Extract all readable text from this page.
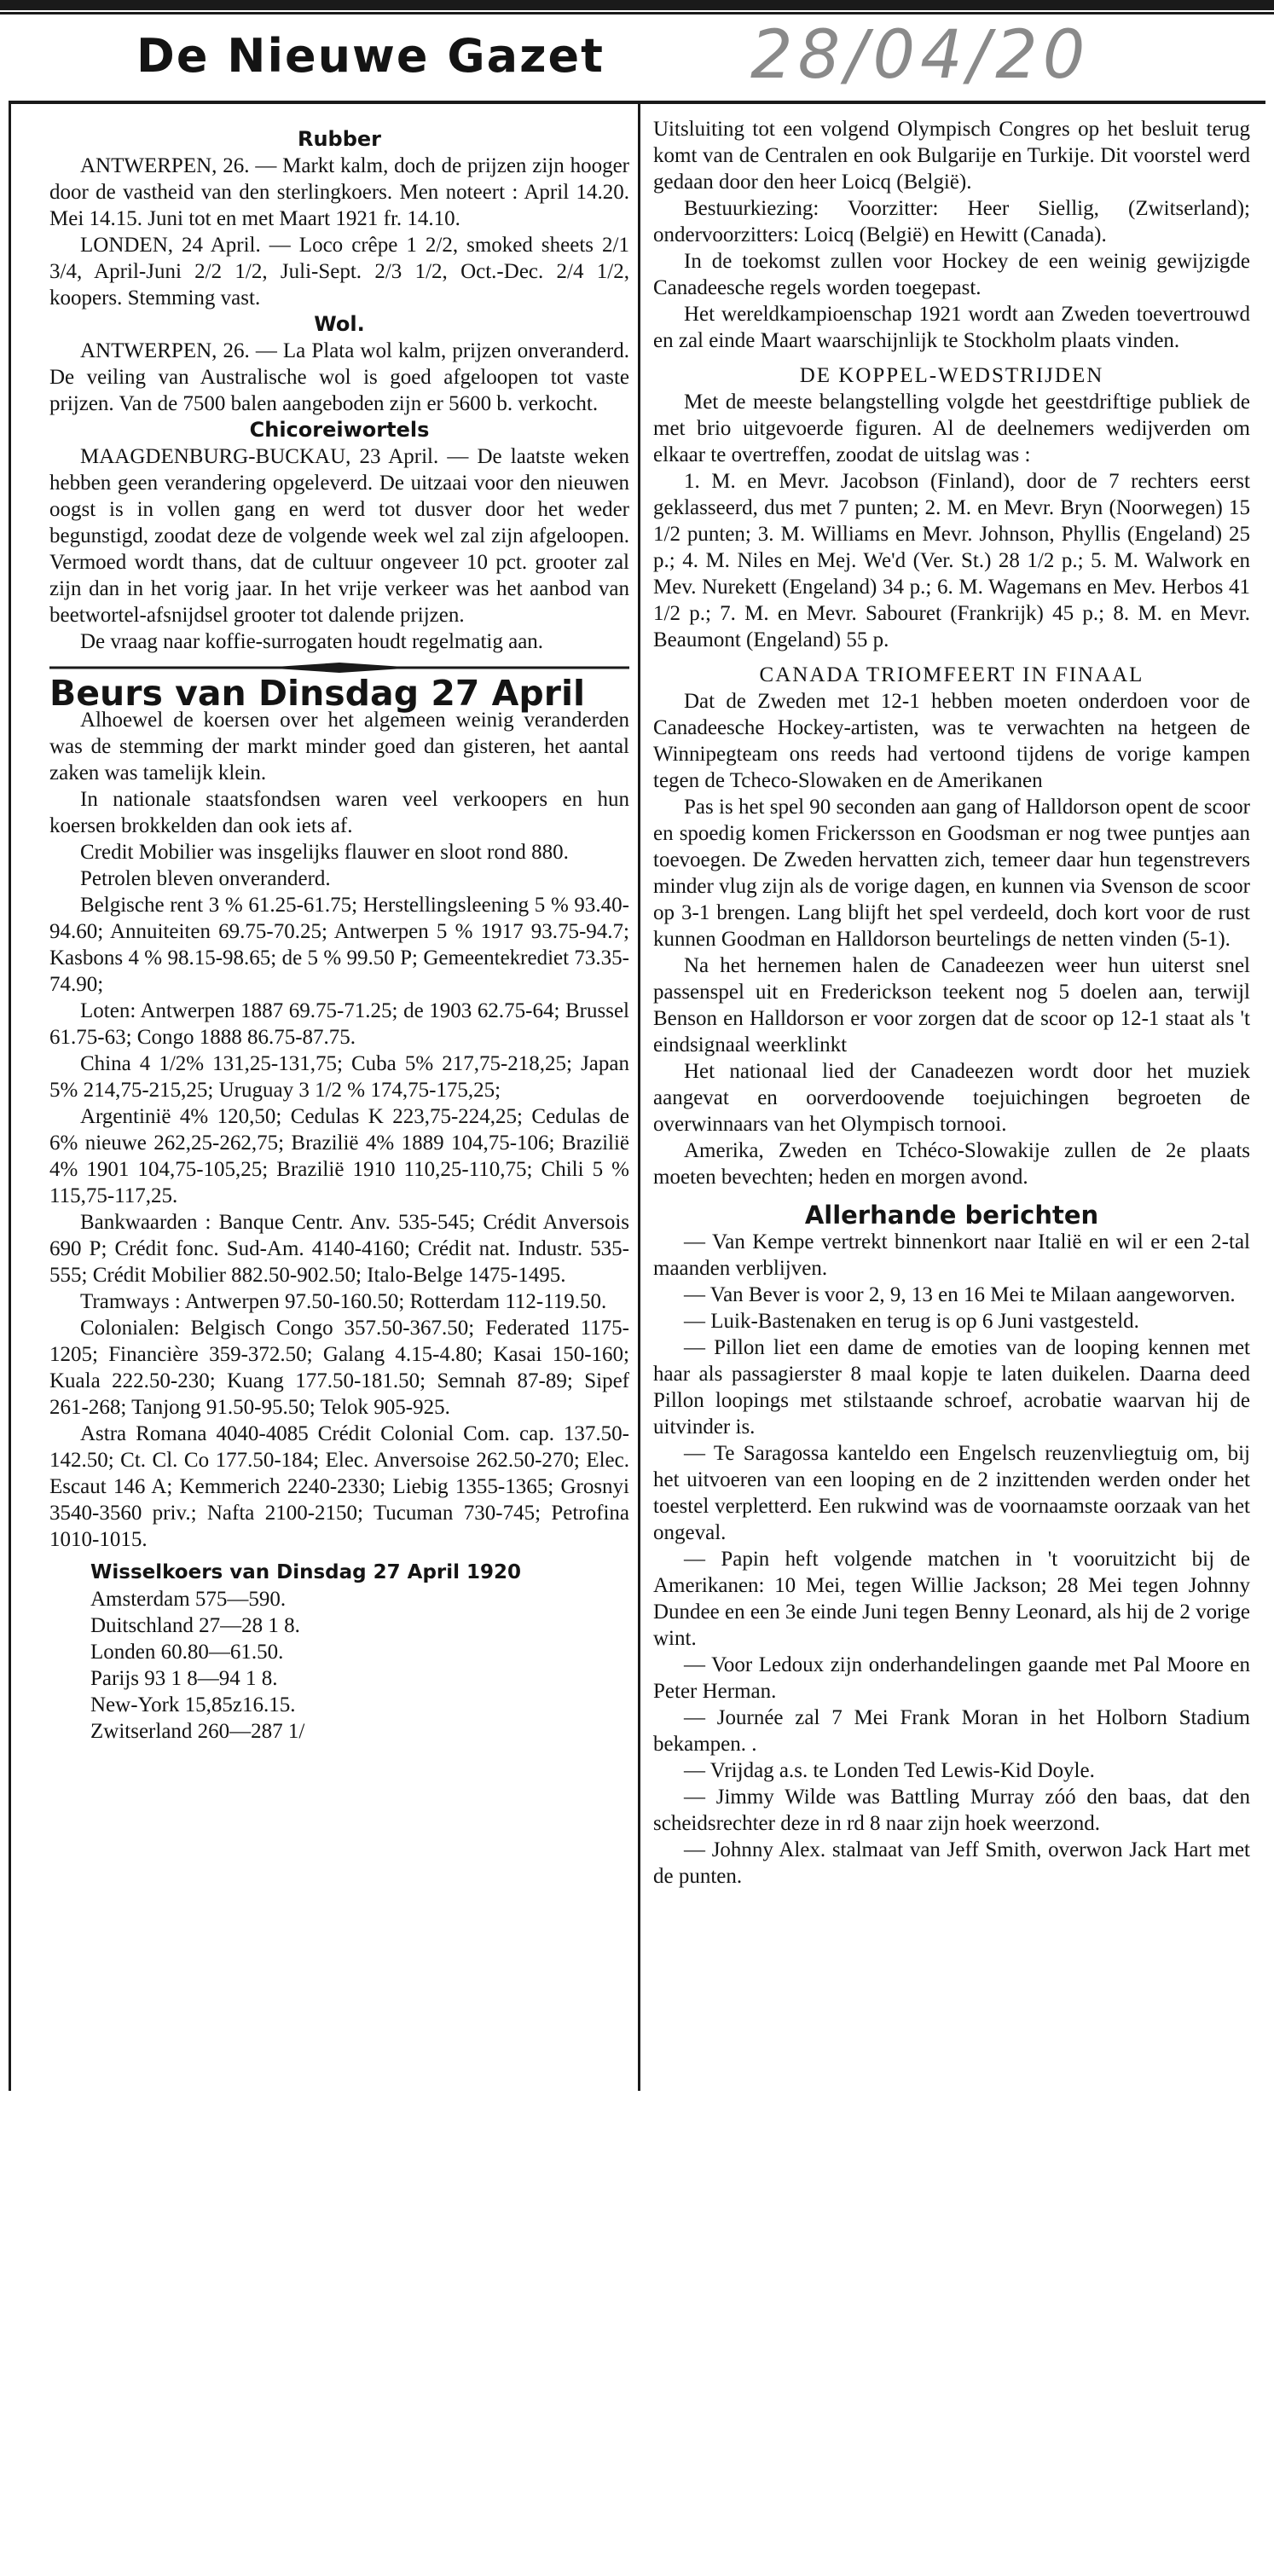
De Nieuwe Gazet 28/04/20
Rubber

ANTWERPEN, 26. — Markt kalm, doch de prijzen zijn hooger door de vastheid van den sterlingkoers. Men noteert : April 14.20. Mei 14.15. Juni tot en met Maart 1921 fr. 14.10.

LONDEN, 24 April. — Loco crêpe 1 2/2, smoked sheets 2/1 3/4, April-Juni 2/2 1/2, Juli-Sept. 2/3 1/2, Oct.-Dec. 2/4 1/2, koopers. Stemming vast.

Wol.

ANTWERPEN, 26. — La Plata wol kalm, prijzen onveranderd. De veiling van Australische wol is goed afgeloopen tot vaste prijzen. Van de 7500 balen aangeboden zijn er 5600 b. verkocht.

Chicoreiwortels

MAAGDENBURG-BUCKAU, 23 April. — De laatste weken hebben geen verandering opgeleverd. De uitzaai voor den nieuwen oogst is in vollen gang en werd tot dusver door het weder begunstigd, zoodat deze de volgende week wel zal zijn afgeloopen. Vermoed wordt thans, dat de cultuur ongeveer 10 pct. grooter zal zijn dan in het vorig jaar. In het vrije verkeer was het aanbod van beetwortel-afsnijdsel grooter tot dalende prijzen.

De vraag naar koffie-surrogaten houdt regelmatig aan.

Beurs van Dinsdag 27 April

Alhoewel de koersen over het algemeen weinig veranderden was de stemming der markt minder goed dan gisteren, het aantal zaken was tamelijk klein.

In nationale staatsfondsen waren veel verkoopers en hun koersen brokkelden dan ook iets af.

Credit Mobilier was insgelijks flauwer en sloot rond 880.

Petrolen bleven onveranderd.

Belgische rent 3 % 61.25-61.75; Herstellingsleening 5 % 93.40-94.60; Annuiteiten 69.75-70.25; Antwerpen 5 % 1917 93.75-94.7; Kasbons 4 % 98.15-98.65; de 5 % 99.50 P; Gemeentekrediet 73.35-74.90;

Loten: Antwerpen 1887 69.75-71.25; de 1903 62.75-64; Brussel 61.75-63; Congo 1888 86.75-87.75.

China 4 1/2% 131,25-131,75; Cuba 5% 217,75-218,25; Japan 5% 214,75-215,25; Uruguay 3 1/2 % 174,75-175,25;

Argentinië 4% 120,50; Cedulas K 223,75-224,25; Cedulas de 6% nieuwe 262,25-262,75; Brazilië 4% 1889 104,75-106; Brazilië 4% 1901 104,75-105,25; Brazilië 1910 110,25-110,75; Chili 5 % 115,75-117,25.

Bankwaarden : Banque Centr. Anv. 535-545; Crédit Anversois 690 P; Crédit fonc. Sud-Am. 4140-4160; Crédit nat. Industr. 535-555; Crédit Mobilier 882.50-902.50; Italo-Belge 1475-1495.

Tramways : Antwerpen 97.50-160.50; Rotterdam 112-119.50.

Colonialen: Belgisch Congo 357.50-367.50; Federated 1175-1205; Financière 359-372.50; Galang 4.15-4.80; Kasai 150-160; Kuala 222.50-230; Kuang 177.50-181.50; Semnah 87-89; Sipef 261-268; Tanjong 91.50-95.50; Telok 905-925.

Astra Romana 4040-4085 Crédit Colonial Com. cap. 137.50-142.50; Ct. Cl. Co 177.50-184; Elec. Anversoise 262.50-270; Elec. Escaut 146 A; Kemmerich 2240-2330; Liebig 1355-1365; Grosnyi 3540-3560 priv.; Nafta 2100-2150; Tucuman 730-745; Petrofina 1010-1015.

Wisselkoers van Dinsdag 27 April 1920

Amsterdam 575—590.

Duitschland 27—28 1 8.

Londen 60.80—61.50.

Parijs 93 1 8—94 1 8.

New-York 15,85z16.15.

Zwitserland 260—287 1/

Uitsluiting tot een volgend Olympisch Congres op het besluit terug komt van de Centralen en ook Bulgarije en Turkije. Dit voorstel werd gedaan door den heer Loicq (België).

Bestuurkiezing: Voorzitter: Heer Siellig, (Zwitserland); ondervoorzitters: Loicq (België) en Hewitt (Canada).

In de toekomst zullen voor Hockey de een weinig gewijzigde Canadeesche regels worden toegepast.

Het wereldkampioenschap 1921 wordt aan Zweden toevertrouwd en zal einde Maart waarschijnlijk te Stockholm plaats vinden.

DE KOPPEL-WEDSTRIJDEN

Met de meeste belangstelling volgde het geestdriftige publiek de met brio uitgevoerde figuren. Al de deelnemers wedijverden om elkaar te overtreffen, zoodat de uitslag was :

1. M. en Mevr. Jacobson (Finland), door de 7 rechters eerst geklasseerd, dus met 7 punten; 2. M. en Mevr. Bryn (Noorwegen) 15 1/2 punten; 3. M. Williams en Mevr. Johnson, Phyllis (Engeland) 25 p.; 4. M. Niles en Mej. We'd (Ver. St.) 28 1/2 p.; 5. M. Walwork en Mev. Nurekett (Engeland) 34 p.; 6. M. Wagemans en Mev. Herbos 41 1/2 p.; 7. M. en Mevr. Sabouret (Frankrijk) 45 p.; 8. M. en Mevr. Beaumont (Engeland) 55 p.

CANADA TRIOMFEERT IN FINAAL

Dat de Zweden met 12-1 hebben moeten onderdoen voor de Canadeesche Hockey-artisten, was te verwachten na hetgeen de Winnipegteam ons reeds had vertoond tijdens de vorige kampen tegen de Tcheco-Slowaken en de Amerikanen

Pas is het spel 90 seconden aan gang of Halldorson opent de scoor en spoedig komen Frickersson en Goodsman er nog twee puntjes aan toevoegen. De Zweden hervatten zich, temeer daar hun tegenstrevers minder vlug zijn als de vorige dagen, en kunnen via Svenson de scoor op 3-1 brengen. Lang blijft het spel verdeeld, doch kort voor de rust kunnen Goodman en Halldorson beurtelings de netten vinden (5-1).

Na het hernemen halen de Canadeezen weer hun uiterst snel passenspel uit en Frederickson teekent nog 5 doelen aan, terwijl Benson en Halldorson er voor zorgen dat de scoor op 12-1 staat als 't eindsignaal weerklinkt

Het nationaal lied der Canadeezen wordt door het muziek aangevat en oorverdoovende toejuichingen begroeten de overwinnaars van het Olympisch tornooi.

Amerika, Zweden en Tchéco-Slowakije zullen de 2e plaats moeten bevechten; heden en morgen avond.

Allerhande berichten

— Van Kempe vertrekt binnenkort naar Italië en wil er een 2-tal maanden verblijven.

— Van Bever is voor 2, 9, 13 en 16 Mei te Milaan aangeworven.

— Luik-Bastenaken en terug is op 6 Juni vastgesteld.

— Pillon liet een dame de emoties van de looping kennen met haar als passagierster 8 maal kopje te laten duikelen. Daarna deed Pillon loopings met stilstaande schroef, acrobatie waarvan hij de uitvinder is.

— Te Saragossa kanteldo een Engelsch reuzenvliegtuig om, bij het uitvoeren van een looping en de 2 inzittenden werden onder het toestel verpletterd. Een rukwind was de voornaamste oorzaak van het ongeval.

— Papin heft volgende matchen in 't vooruitzicht bij de Amerikanen: 10 Mei, tegen Willie Jackson; 28 Mei tegen Johnny Dundee en een 3e einde Juni tegen Benny Leonard, als hij de 2 vorige wint.

— Voor Ledoux zijn onderhandelingen gaande met Pal Moore en Peter Herman.

— Journée zal 7 Mei Frank Moran in het Holborn Stadium bekampen. .

— Vrijdag a.s. te Londen Ted Lewis-Kid Doyle.

— Jimmy Wilde was Battling Murray zóó den baas, dat den scheidsrechter deze in rd 8 naar zijn hoek weerzond.

— Johnny Alex. stalmaat van Jeff Smith, overwon Jack Hart met de punten.
